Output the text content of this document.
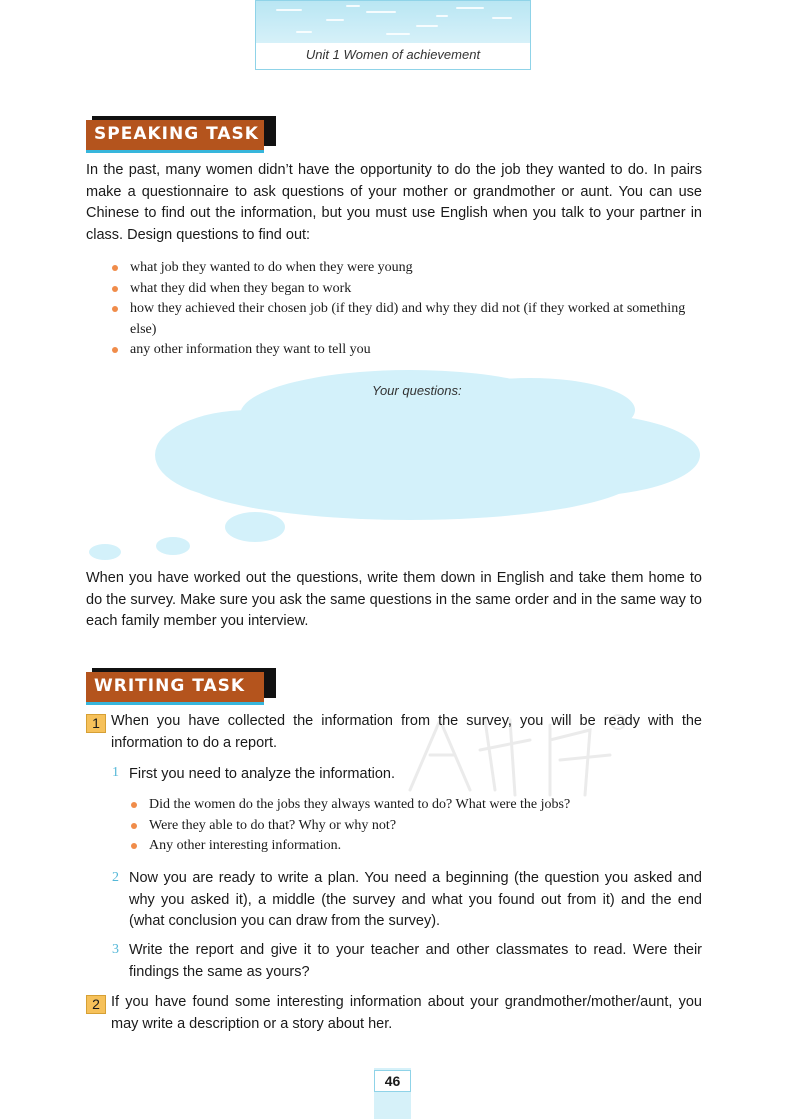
Unit 1 Women of achievement
SPEAKING TASK
In the past, many women didn’t have the opportunity to do the job they wanted to do. In pairs make a questionnaire to ask questions of your mother or grandmother or aunt. You can use Chinese to find out the information, but you must use English when you talk to your partner in class. Design questions to find out:
what job they wanted to do when they were young
what they did when they began to work
how they achieved their chosen job (if they did) and why they did not (if they worked at something else)
any other information they want to tell you
Your questions:
When you have worked out the questions, write them down in English and take them home to do the survey. Make sure you ask the same questions in the same order and in the same way to each family member you interview.
WRITING TASK
1 When you have collected the information from the survey, you will be ready with the information to do a report.
1 First you need to analyze the information.
Did the women do the jobs they always wanted to do? What were the jobs?
Were they able to do that? Why or why not?
Any other interesting information.
2 Now you are ready to write a plan. You need a beginning (the question you asked and why you asked it), a middle (the survey and what you found out from it) and the end (what conclusion you can draw from the survey).
3 Write the report and give it to your teacher and other classmates to read. Were their findings the same as yours?
2 If you have found some interesting information about your grandmother/mother/aunt, you may write a description or a story about her.
46
